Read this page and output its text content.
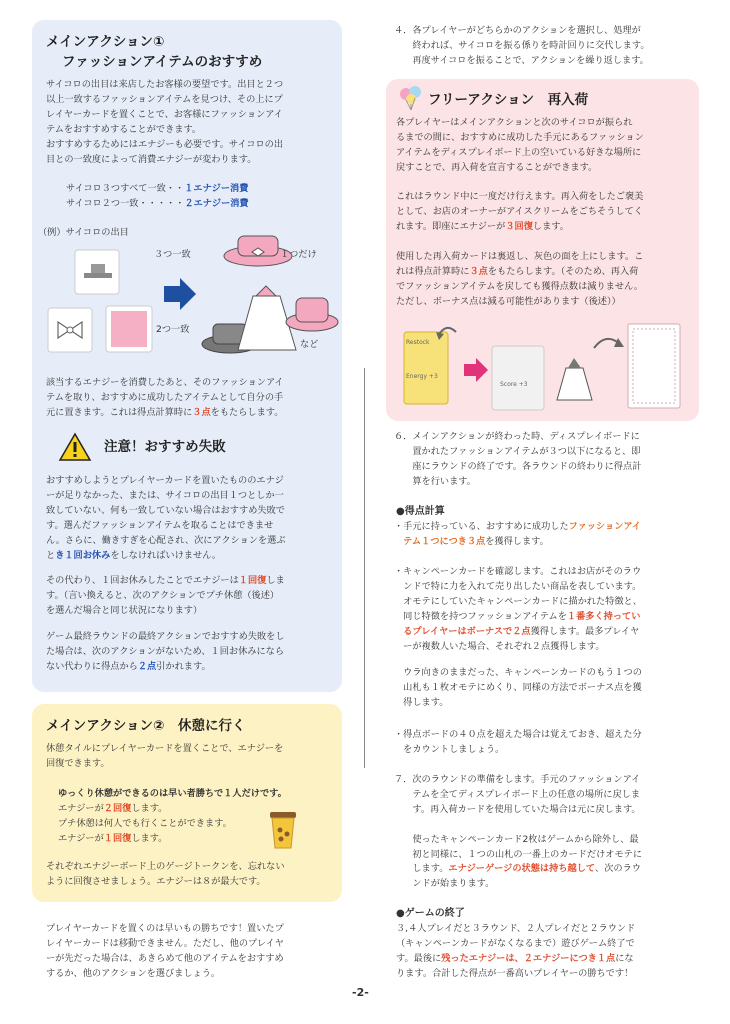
メインアクション①
ファッションアイテムのおすすめ
サイコロの出目は来店したお客様の要望です。出目と２つ
以上一致するファッションアイテムを見つけ、その上にプ
レイヤーカードを置くことで、お客様にファッションアイ
テムをおすすめすることができます。
おすすめするためにはエナジーも必要です。サイコロの出
目との一致度によって消費エナジーが変わります。
サイコロ３つすべて一致・・１エナジー消費
サイコロ２つ一致・・・・・２エナジー消費
（例）サイコロの出目
３つ一致	１つだけ
2つ一致
など
該当するエナジーを消費したあと、そのファッションアイ
テムを取り、おすすめに成功したアイテムとして自分の手
元に置きます。これは得点計算時に３点をもたらします。
注意！おすすめ失敗
おすすめしようとプレイヤーカードを置いたもののエナジ
ーが足りなかった、または、サイコロの出目１つとしか一
致していない、何も一致していない場合はおすすめ失敗で
す。選んだファッションアイテムを取ることはできませ
ん。さらに、働きすぎを心配され、次にアクションを選ぶ
とき１回お休みをしなければいけません。
その代わり、１回お休みしたことでエナジーは１回復しま
す。（言い換えると、次のアクションでプチ休憩（後述）
を選んだ場合と同じ状況になります）
ゲーム最終ラウンドの最終アクションでおすすめ失敗をし
た場合は、次のアクションがないため、１回お休みになら
ない代わりに得点から２点引かれます。
メインアクション②　休憩に行く
休憩タイルにプレイヤーカードを置くことで、エナジーを
回復できます。
ゆっくり休憩ができるのは早い者勝ちで１人だけです。
エナジーが２回復します。
プチ休憩は何人でも行くことができます。
エナジーが１回復します。
それぞれエナジーボード上のゲージトークンを、忘れない
ように回復させましょう。エナジーは８が最大です。
プレイヤーカードを置くのは早いもの勝ちです！置いたプ
レイヤーカードは移動できません。ただし、他のプレイヤ
ーが先だった場合は、あきらめて他のアイテムをおすすめ
するか、他のアクションを選びましょう。
４．各プレイヤーがどちらかのアクションを選択し、処理が
　　終われば、サイコロを振る係りを時計回りに交代します。
　　再度サイコロを振ることで、アクションを繰り返します。
フリーアクション　再入荷
各プレイヤーはメインアクションと次のサイコロが振られ
るまでの間に、おすすめに成功した手元にあるファッション
アイテムをディスプレイボード上の空いている好きな場所に
戻すことで、再入荷を宣言することができます。
これはラウンド中に一度だけ行えます。再入荷をしたご褒美
として、お店のオーナーがアイスクリームをごちそうしてく
れます。即座にエナジーが３回復します。
使用した再入荷カードは裏返し、灰色の面を上にします。こ
れは得点計算時に３点をもたらします。（そのため、再入荷
でファッションアイテムを戻しても獲得点数は減りません。
ただし、ボーナス点は減る可能性があります（後述））
Restock
Energy +3
Score +3
６．メインアクションが終わった時、ディスプレイボードに
　　置かれたファッションアイテムが３つ以下になると、即
　　座にラウンドの終了です。各ラウンドの終わりに得点計
　　算を行います。
●得点計算
・手元に持っている、おすすめに成功したファッションアイ
　テム１つにつき３点を獲得します。
・キャンペーンカードを確認します。これはお店がそのラウ
　ンドで特に力を入れて売り出したい商品を表しています。
　オモテにしていたキャンペーンカードに描かれた特徴と、
　同じ特徴を持つファッションアイテムを１番多く持ってい
　るプレイヤーはボーナスで２点獲得します。最多プレイヤ
　ーが複数人いた場合、それぞれ２点獲得します。
　ウラ向きのままだった、キャンペーンカードのもう１つの
　山札も１枚オモテにめくり、同様の方法でボーナス点を獲
　得します。
・得点ボードの４０点を超えた場合は覚えておき、超えた分
　をカウントしましょう。
７．次のラウンドの準備をします。手元のファッションアイ
　　テムを全てディスプレイボード上の任意の場所に戻しま
　　す。再入荷カードを使用していた場合は元に戻します。

　　使ったキャンペーンカード2枚はゲームから除外し、最
　　初と同様に、１つの山札の一番上のカードだけオモテに
　　します。エナジーゲージの状態は持ち越して、次のラウ
　　ンドが始まります。
●ゲームの終了
３,４人プレイだと３ラウンド、２人プレイだと２ラウンド
（キャンペーンカードがなくなるまで）遊びゲーム終了で
す。最後に残ったエナジーは、２エナジーにつき１点にな
ります。合計した得点が一番高いプレイヤーの勝ちです！
-2-
